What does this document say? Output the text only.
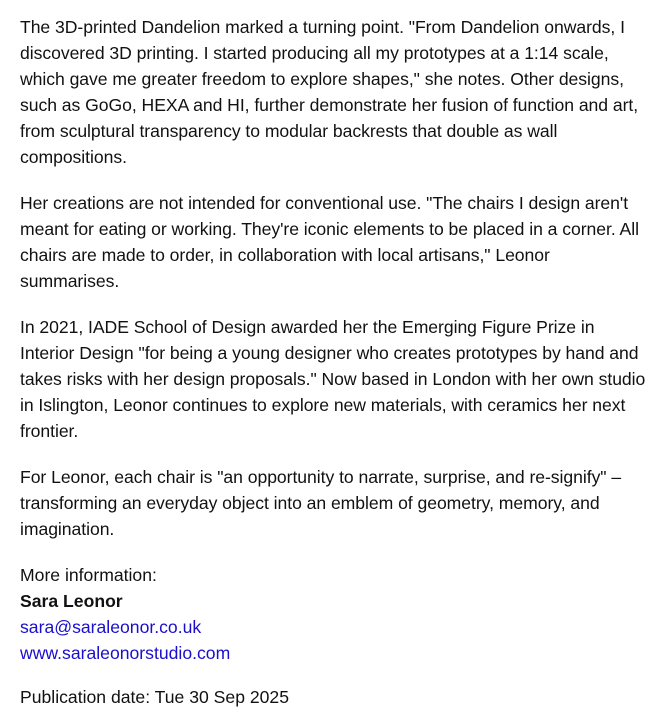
The 3D-printed Dandelion marked a turning point. "From Dandelion onwards, I discovered 3D printing. I started producing all my prototypes at a 1:14 scale, which gave me greater freedom to explore shapes," she notes. Other designs, such as GoGo, HEXA and HI, further demonstrate her fusion of function and art, from sculptural transparency to modular backrests that double as wall compositions.

Her creations are not intended for conventional use. "The chairs I design aren't meant for eating or working. They're iconic elements to be placed in a corner. All chairs are made to order, in collaboration with local artisans," Leonor summarises.

In 2021, IADE School of Design awarded her the Emerging Figure Prize in Interior Design "for being a young designer who creates prototypes by hand and takes risks with her design proposals." Now based in London with her own studio in Islington, Leonor continues to explore new materials, with ceramics her next frontier.

For Leonor, each chair is "an opportunity to narrate, surprise, and re-signify" – transforming an everyday object into an emblem of geometry, memory, and imagination.

More information:
Sara Leonor
sara@saraleonor.co.uk
www.saraleonorstudio.com

Publication date: Tue 30 Sep 2025
